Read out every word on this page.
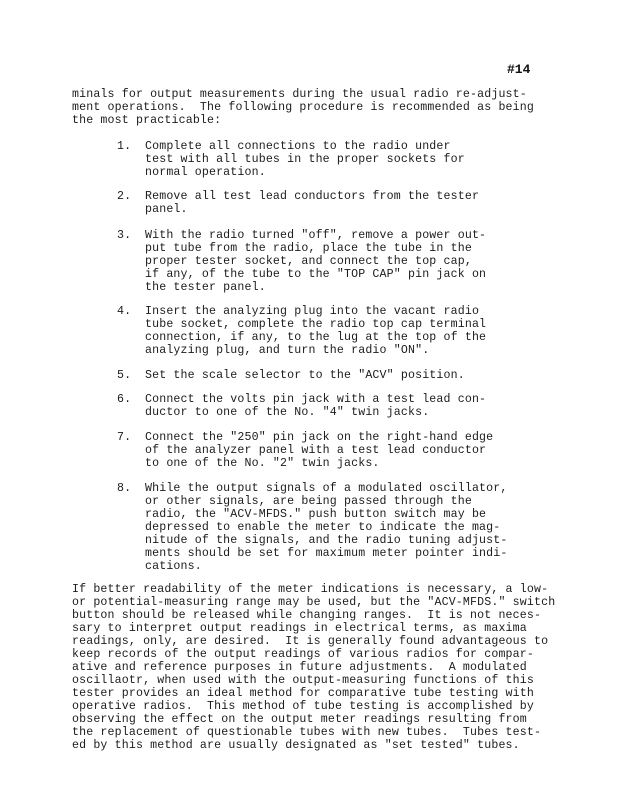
#14
minals for output measurements during the usual radio re-adjust-
ment operations.  The following procedure is recommended as being
the most practicable:
1. Complete all connections to the radio under
test with all tubes in the proper sockets for
normal operation.
2. Remove all test lead conductors from the tester
panel.
3. With the radio turned "off", remove a power out-
put tube from the radio, place the tube in the
proper tester socket, and connect the top cap,
if any, of the tube to the "TOP CAP" pin jack on
the tester panel.
4. Insert the analyzing plug into the vacant radio
tube socket, complete the radio top cap terminal
connection, if any, to the lug at the top of the
analyzing plug, and turn the radio "ON".
5. Set the scale selector to the "ACV" position.
6. Connect the volts pin jack with a test lead con-
ductor to one of the No. "4" twin jacks.
7. Connect the "250" pin jack on the right-hand edge
of the analyzer panel with a test lead conductor
to one of the No. "2" twin jacks.
8. While the output signals of a modulated oscillator,
or other signals, are being passed through the
radio, the "ACV-MFDS." push button switch may be
depressed to enable the meter to indicate the mag-
nitude of the signals, and the radio tuning adjust-
ments should be set for maximum meter pointer indi-
cations.
If better readability of the meter indications is necessary, a low-
or potential-measuring range may be used, but the "ACV-MFDS." switch
button should be released while changing ranges.  It is not neces-
sary to interpret output readings in electrical terms, as maxima
readings, only, are desired.  It is generally found advantageous to
keep records of the output readings of various radios for compar-
ative and reference purposes in future adjustments.  A modulated
oscillaotr, when used with the output-measuring functions of this
tester provides an ideal method for comparative tube testing with
operative radios.  This method of tube testing is accomplished by
observing the effect on the output meter readings resulting from
the replacement of questionable tubes with new tubes.  Tubes test-
ed by this method are usually designated as "set tested" tubes.
